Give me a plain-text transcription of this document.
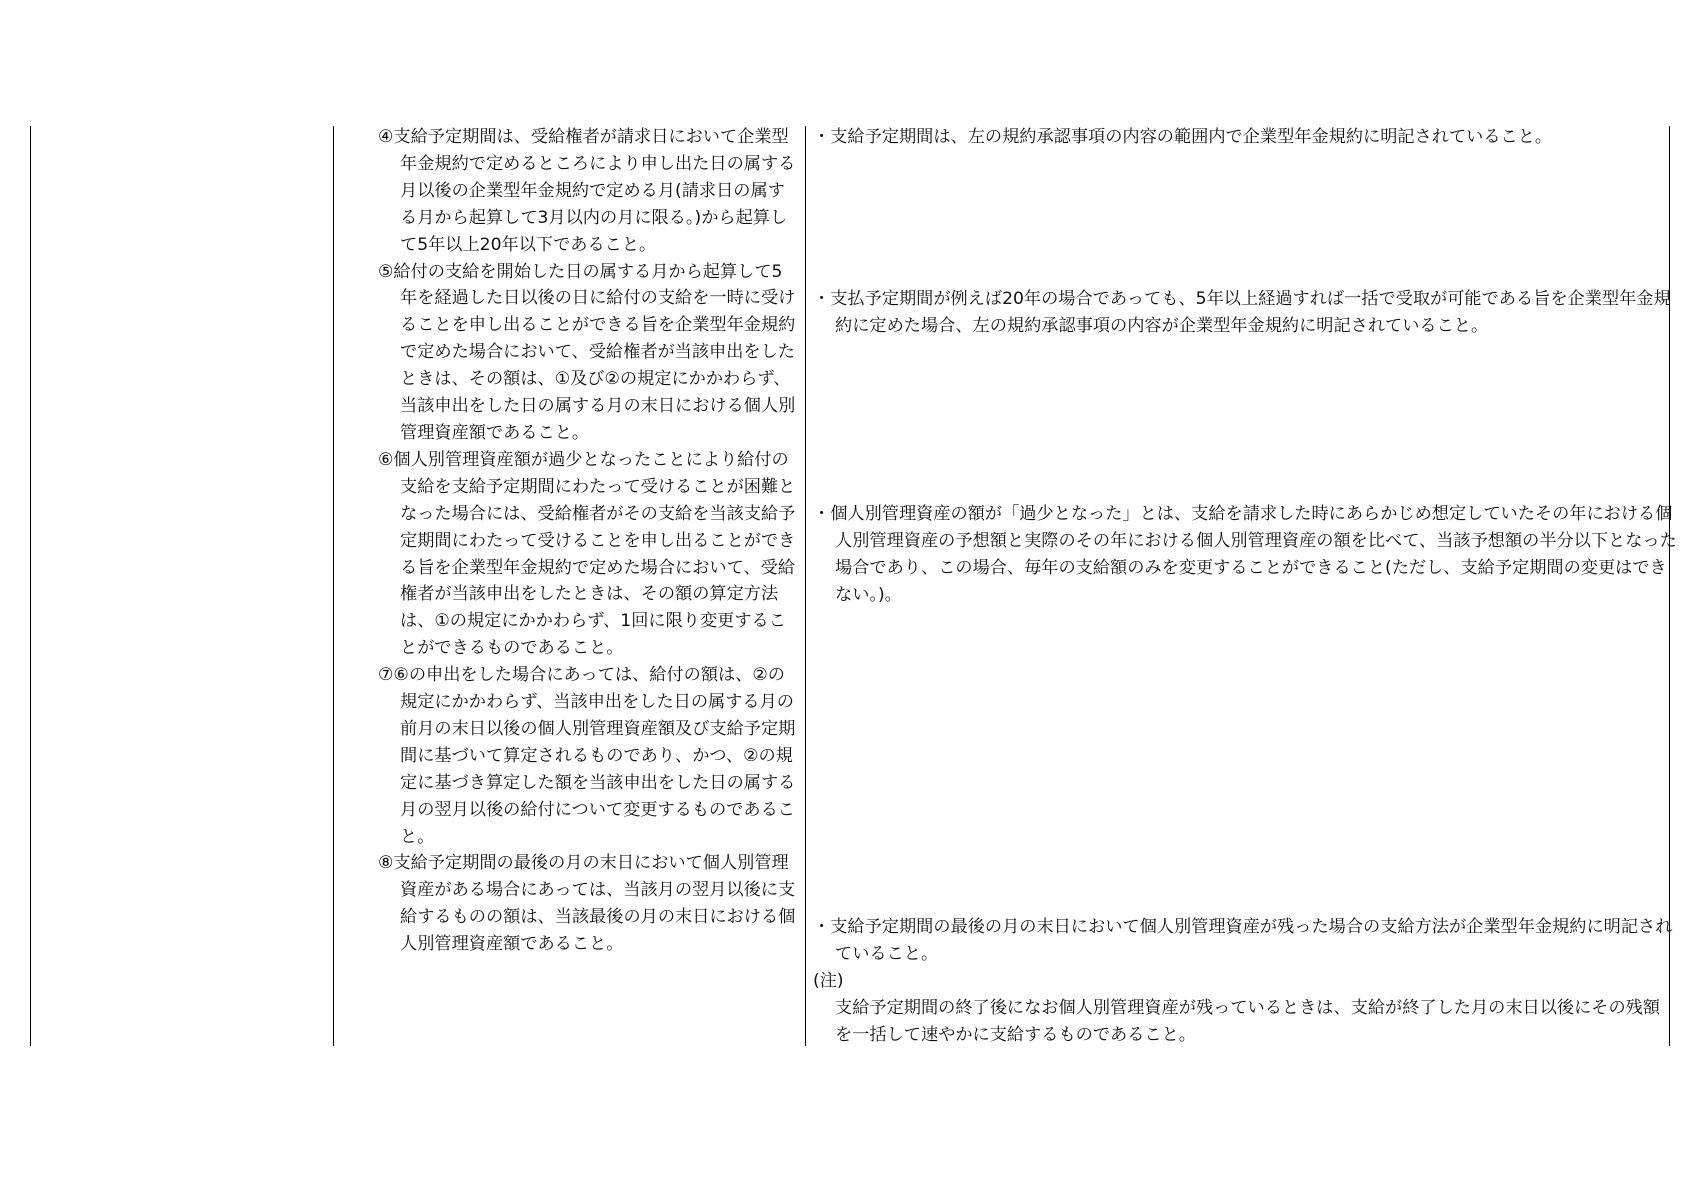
④支給予定期間は、受給権者が請求日において企業型年金規約で定めるところにより申し出た日の属する月以後の企業型年金規約で定める月(請求日の属する月から起算して3月以内の月に限る。)から起算して5年以上20年以下であること。

⑤給付の支給を開始した日の属する月から起算して5年を経過した日以後の日に給付の支給を一時に受けることを申し出ることができる旨を企業型年金規約で定めた場合において、受給権者が当該申出をしたときは、その額は、①及び②の規定にかかわらず、当該申出をした日の属する月の末日における個人別管理資産額であること。

⑥個人別管理資産額が過少となったことにより給付の支給を支給予定期間にわたって受けることが困難となった場合には、受給権者がその支給を当該支給予定期間にわたって受けることを申し出ることができる旨を企業型年金規約で定めた場合において、受給権者が当該申出をしたときは、その額の算定方法は、①の規定にかかわらず、1回に限り変更することができるものであること。

⑦⑥の申出をした場合にあっては、給付の額は、②の規定にかかわらず、当該申出をした日の属する月の前月の末日以後の個人別管理資産額及び支給予定期間に基づいて算定されるものであり、かつ、②の規定に基づき算定した額を当該申出をした日の属する月の翌月以後の給付について変更するものであること。

⑧支給予定期間の最後の月の末日において個人別管理資産がある場合にあっては、当該月の翌月以後に支給するものの額は、当該最後の月の末日における個人別管理資産額であること。

・支給予定期間は、左の規約承認事項の内容の範囲内で企業型年金規約に明記されていること。

・支払予定期間が例えば20年の場合であっても、5年以上経過すれば一括で受取が可能である旨を企業型年金規約に定めた場合、左の規約承認事項の内容が企業型年金規約に明記されていること。

・個人別管理資産の額が「過少となった」とは、支給を請求した時にあらかじめ想定していたその年における個人別管理資産の予想額と実際のその年における個人別管理資産の額を比べて、当該予想額の半分以下となった場合であり、この場合、毎年の支給額のみを変更することができること(ただし、支給予定期間の変更はできない。)。

・支給予定期間の最後の月の末日において個人別管理資産が残った場合の支給方法が企業型年金規約に明記されていること。

(注)

支給予定期間の終了後になお個人別管理資産が残っているときは、支給が終了した月の末日以後にその残額を一括して速やかに支給するものであること。
